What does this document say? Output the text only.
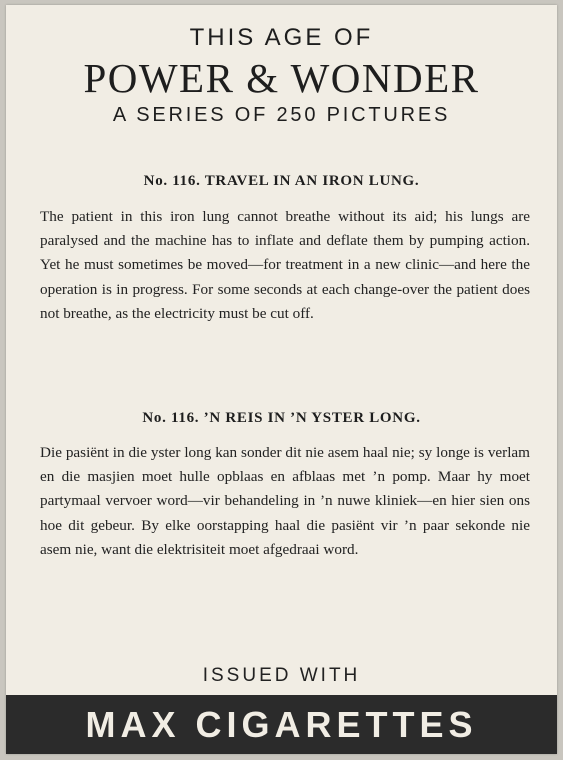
THIS AGE OF
POWER & WONDER
A SERIES OF 250 PICTURES
No. 116. TRAVEL IN AN IRON LUNG.

The patient in this iron lung cannot breathe without its aid; his lungs are paralysed and the machine has to inflate and deflate them by pumping action. Yet he must sometimes be moved—for treatment in a new clinic—and here the operation is in progress. For some seconds at each change-over the patient does not breathe, as the electricity must be cut off.

No. 116. ’N REIS IN ’N YSTER LONG.

Die pasiënt in die yster long kan sonder dit nie asem haal nie; sy longe is verlam en die masjien moet hulle opblaas en afblaas met ’n pomp. Maar hy moet partymaal vervoer word—vir behandeling in ’n nuwe kliniek—en hier sien ons hoe dit gebeur. By elke oorstapping haal die pasiënt vir ’n paar sekonde nie asem nie, want die elektrisiteit moet afgedraai word.

ISSUED WITH
MAX CIGARETTES
